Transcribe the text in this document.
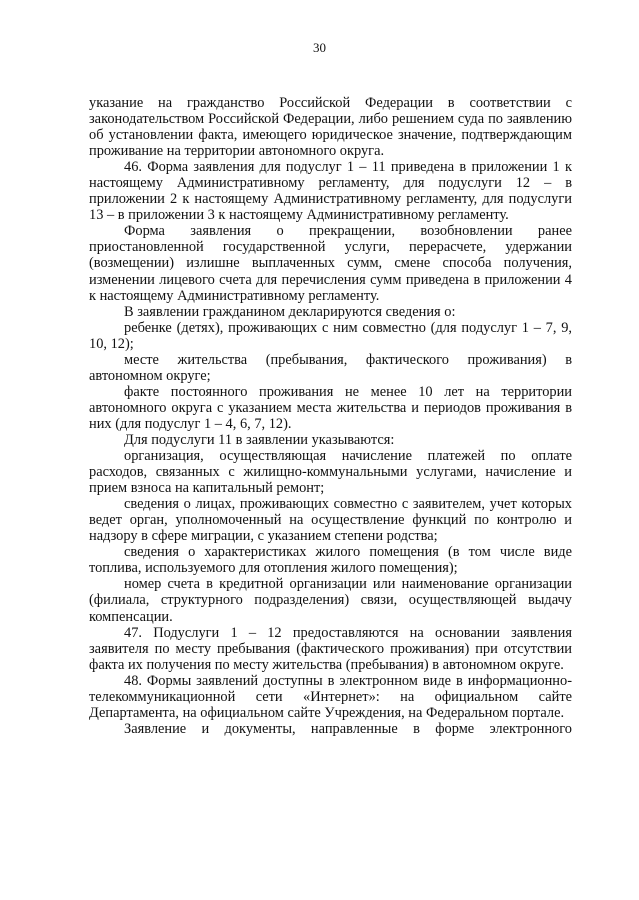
30

указание на гражданство Российской Федерации в соответствии с законодательством Российской Федерации, либо решением суда по заявлению об установлении факта, имеющего юридическое значение, подтверждающим проживание на территории автономного округа.

46. Форма заявления для подуслуг 1 – 11 приведена в приложении 1 к настоящему Административному регламенту, для подуслуги 12 – в приложении 2 к настоящему Административному регламенту, для подуслуги 13 – в приложении 3 к настоящему Административному регламенту.

Форма заявления о прекращении, возобновлении ранее приостановленной государственной услуги, перерасчете, удержании (возмещении) излишне выплаченных сумм, смене способа получения, изменении лицевого счета для перечисления сумм приведена в приложении 4 к настоящему Административному регламенту.

В заявлении гражданином декларируются сведения о:

ребенке (детях), проживающих с ним совместно (для подуслуг 1 – 7, 9, 10, 12);

месте жительства (пребывания, фактического проживания) в автономном округе;

факте постоянного проживания не менее 10 лет на территории автономного округа с указанием места жительства и периодов проживания в них (для подуслуг 1 – 4, 6, 7, 12).

Для подуслуги 11 в заявлении указываются:

организация, осуществляющая начисление платежей по оплате расходов, связанных с жилищно-коммунальными услугами, начисление и прием взноса на капитальный ремонт;

сведения о лицах, проживающих совместно с заявителем, учет которых ведет орган, уполномоченный на осуществление функций по контролю и надзору в сфере миграции, с указанием степени родства;

сведения о характеристиках жилого помещения (в том числе виде топлива, используемого для отопления жилого помещения);

номер счета в кредитной организации или наименование организации (филиала, структурного подразделения) связи, осуществляющей выдачу компенсации.

47. Подуслуги 1 – 12 предоставляются на основании заявления заявителя по месту пребывания (фактического проживания) при отсутствии факта их получения по месту жительства (пребывания) в автономном округе.

48. Формы заявлений доступны в электронном виде в информационно-телекоммуникационной сети «Интернет»: на официальном сайте Департамента, на официальном сайте Учреждения, на Федеральном портале.

Заявление и документы, направленные в форме электронного
